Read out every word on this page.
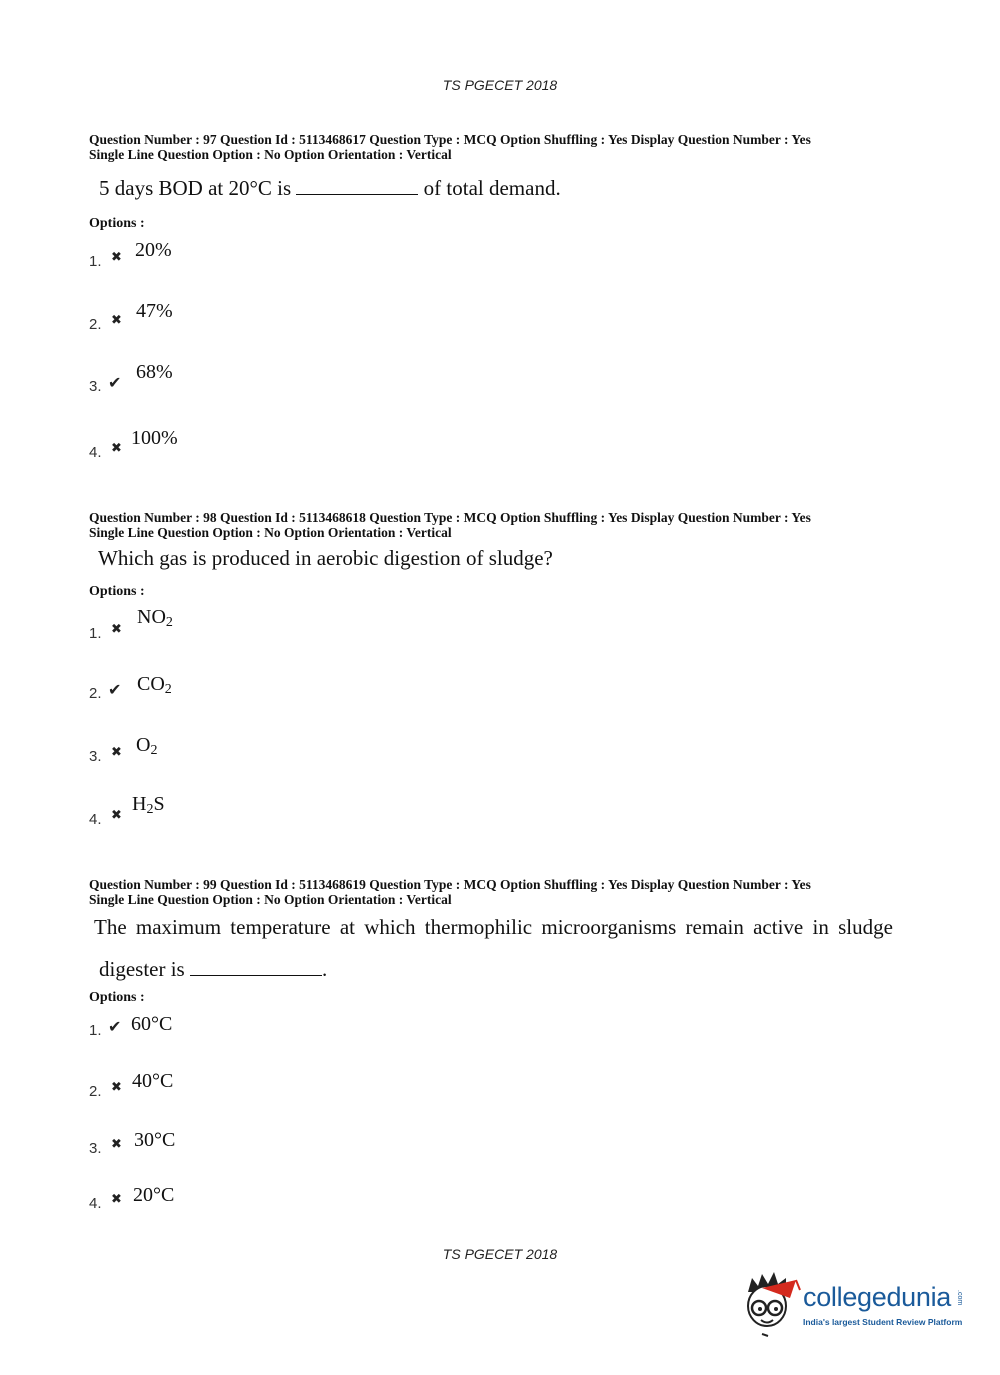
TS PGECET 2018
Question Number : 97 Question Id : 5113468617 Question Type : MCQ Option Shuffling : Yes Display Question Number : Yes
Single Line Question Option : No Option Orientation : Vertical
5 days BOD at 20°C is	of total demand.
Options :
1. ✖ 20%
2. ✖ 47%
3. ✔ 68%
4. ✖ 100%
Question Number : 98 Question Id : 5113468618 Question Type : MCQ Option Shuffling : Yes Display Question Number : Yes
Single Line Question Option : No Option Orientation : Vertical
Which gas is produced in aerobic digestion of sludge?
Options :
1. ✖
NO2
2. ✔ CO2
3. ✖ O2
4. ✖
H2S
Question Number : 99 Question Id : 5113468619 Question Type : MCQ Option Shuffling : Yes Display Question Number : Yes
Single Line Question Option : No Option Orientation : Vertical
The maximum temperature at which thermophilic microorganisms remain active in sludge
digester is	.
Options :
1. ✔ 60°C
2. ✖ 40°C
3. ✖ 30°C
4. ✖ 20°C
TS PGECET 2018
collegedunia .com
India's largest Student Review Platform
